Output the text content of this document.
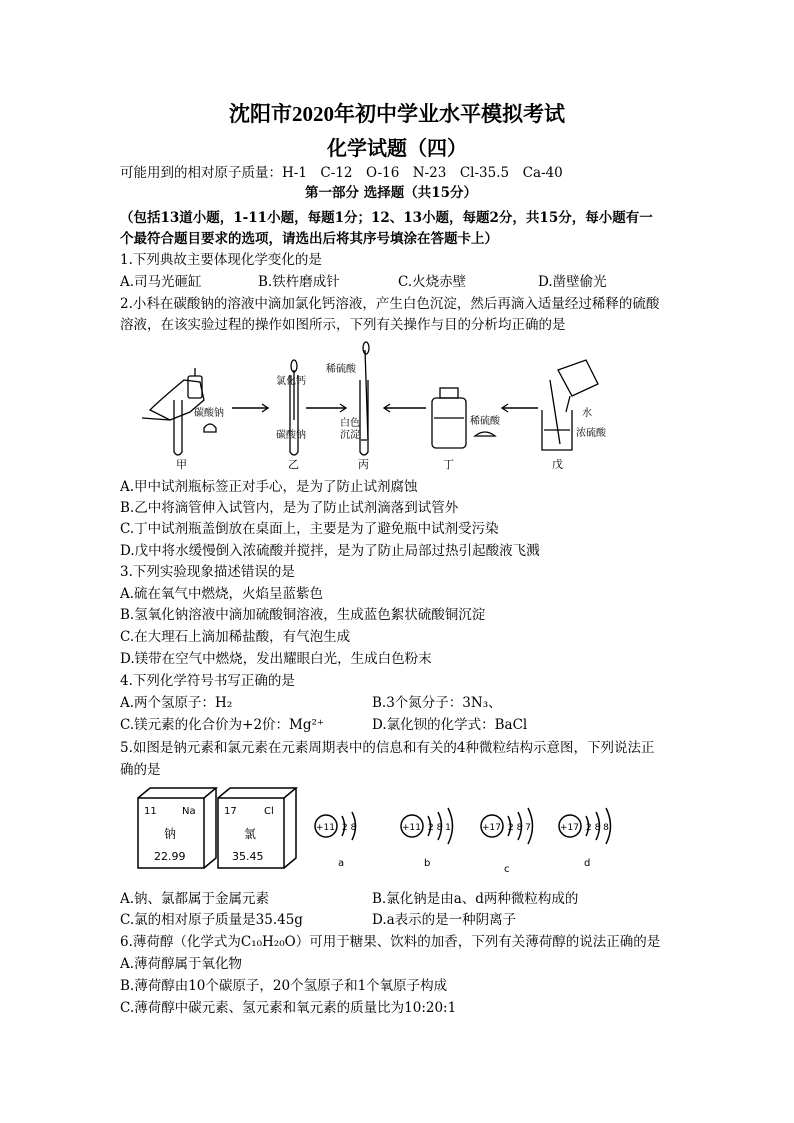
沈阳市2020年初中学业水平模拟考试
化学试题（四）
可能用到的相对原子质量：H-1　C-12　O-16　N-23　Cl-35.5　Ca-40
第一部分 选择题（共15分）
（包括13道小题，1-11小题，每题1分；12、13小题，每题2分，共15分，每小题有一
个最符合题目要求的选项，请选出后将其序号填涂在答题卡上）
1.下列典故主要体现化学变化的是
A.司马光砸缸	B.铁杵磨成针	C.火烧赤壁	D.凿壁偷光
2.小科在碳酸钠的溶液中滴加氯化钙溶液，产生白色沉淀，然后再滴入适量经过稀释的硫酸
溶液，在该实验过程的操作如图所示，下列有关操作与目的分析均正确的是
碳酸钠
氯化钙
碳酸钠
稀硫酸
白色
沉淀
稀硫酸
水
浓硫酸
甲	乙	丙	丁	戊
A.甲中试剂瓶标签正对手心，是为了防止试剂腐蚀
B.乙中将滴管伸入试管内，是为了防止试剂滴落到试管外
C.丁中试剂瓶盖倒放在桌面上，主要是为了避免瓶中试剂受污染
D.戊中将水缓慢倒入浓硫酸并搅拌，是为了防止局部过热引起酸液飞溅
3.下列实验现象描述错误的是
A.硫在氧气中燃烧，火焰呈蓝紫色
B.氢氧化钠溶液中滴加硫酸铜溶液，生成蓝色絮状硫酸铜沉淀
C.在大理石上滴加稀盐酸，有气泡生成
D.镁带在空气中燃烧，发出耀眼白光，生成白色粉末
4.下列化学符号书写正确的是
A.两个氢原子：H₂	B.3个氮分子：3N₃、
C.镁元素的化合价为+2价：Mg²⁺	D.氯化钡的化学式：BaCl
5.如图是钠元素和氯元素在元素周期表中的信息和有关的4种微粒结构示意图，下列说法正
确的是
11	Na
钠
22.99
17	Cl
氯
35.45
+11 2 8	+11 2 8 1	+17 2 8 7	+17 2 8 8
a	b
c
d
A.钠、氯都属于金属元素	B.氯化钠是由a、d两种微粒构成的
C.氯的相对原子质量是35.45g	D.a表示的是一种阴离子
6.薄荷醇（化学式为C₁₀H₂₀O）可用于糖果、饮料的加香，下列有关薄荷醇的说法正确的是
A.薄荷醇属于氧化物
B.薄荷醇由10个碳原子，20个氢原子和1个氧原子构成
C.薄荷醇中碳元素、氢元素和氧元素的质量比为10:20:1
